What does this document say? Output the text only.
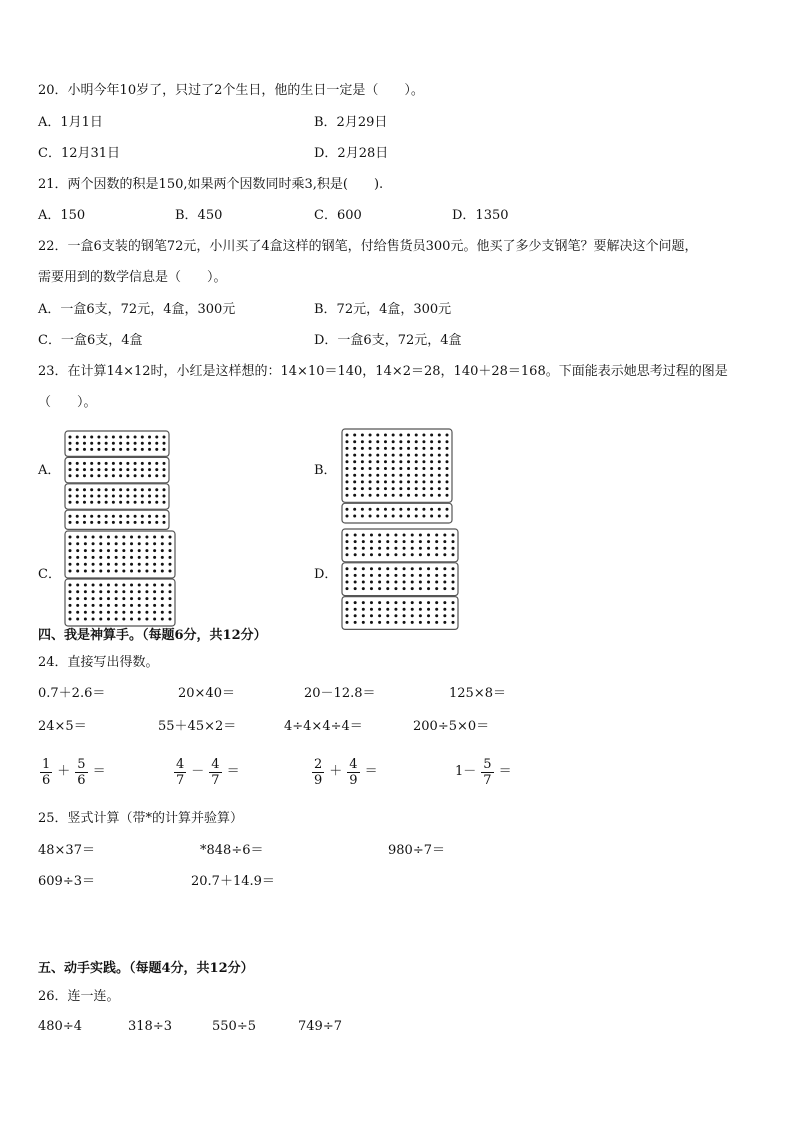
20．小明今年10岁了，只过了2个生日，他的生日一定是（　　）。
A．1月1日	B．2月29日
C．12月31日	D．2月28日
21．两个因数的积是150,如果两个因数同时乘3,积是(　　).
A．150	B．450	C．600	D．1350
22．一盒6支装的钢笔72元，小川买了4盒这样的钢笔，付给售货员300元。他买了多少支钢笔？要解决这个问题，
需要用到的数学信息是（　　）。
A．一盒6支，72元，4盒，300元	B．72元，4盒，300元
C．一盒6支，4盒	D．一盒6支，72元，4盒
23．在计算14×12时，小红是这样想的：14×10＝140，14×2＝28，140＋28＝168。下面能表示她思考过程的图是
（　　）。
A．	B．
C．	D．
四、我是神算手。（每题6分，共12分）
24．直接写出得数。
0.7＋2.6＝	20×40＝	20－12.8＝	125×8＝
24×5＝	55＋45×2＝	4÷4×4÷4＝	200÷5×0＝
$\frac{1}{6} + \frac{5}{6}$ ＝	$\frac{4}{7} - \frac{4}{7}$ ＝	$\frac{2}{9} + \frac{4}{9}$ ＝	$1- \frac{5}{7}$ ＝
25．竖式计算（带*的计算并验算）
48×37＝	*848÷6＝	980÷7＝
609÷3＝	20.7＋14.9＝
五、动手实践。（每题4分，共12分）
26．连一连。
480÷4	318÷3	550÷5	749÷7
